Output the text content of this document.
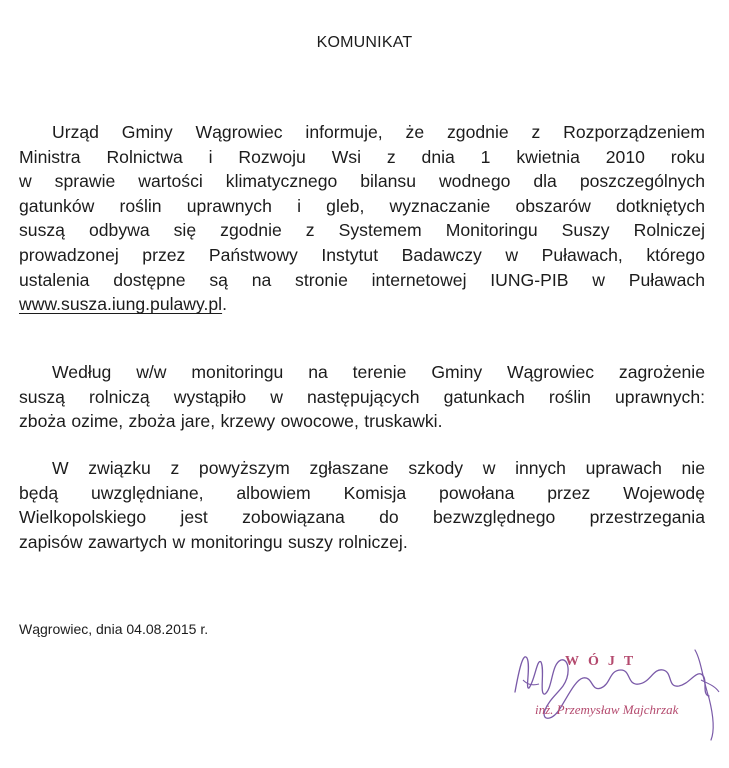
KOMUNIKAT
Urząd Gminy Wągrowiec informuje, że zgodnie z Rozporządzeniem
Ministra Rolnictwa i Rozwoju Wsi z dnia 1 kwietnia 2010 roku
w sprawie wartości klimatycznego bilansu wodnego dla poszczególnych
gatunków roślin uprawnych i gleb, wyznaczanie obszarów dotkniętych
suszą odbywa się zgodnie z Systemem Monitoringu Suszy Rolniczej
prowadzonej przez Państwowy Instytut Badawczy w Puławach, którego
ustalenia dostępne są na stronie internetowej IUNG-PIB w Puławach
www.susza.iung.pulawy.pl.
Według w/w monitoringu na terenie Gminy Wągrowiec zagrożenie
suszą rolniczą wystąpiło w następujących gatunkach roślin uprawnych:
zboża ozime, zboża jare, krzewy owocowe, truskawki.
W związku z powyższym zgłaszane szkody w innych uprawach nie
będą uwzględniane, albowiem Komisja powołana przez Wojewodę
Wielkopolskiego jest zobowiązana do bezwzględnego przestrzegania
zapisów zawartych w monitoringu suszy rolniczej.
Wągrowiec, dnia 04.08.2015 r.
WÓJT
inż. Przemysław Majchrzak
